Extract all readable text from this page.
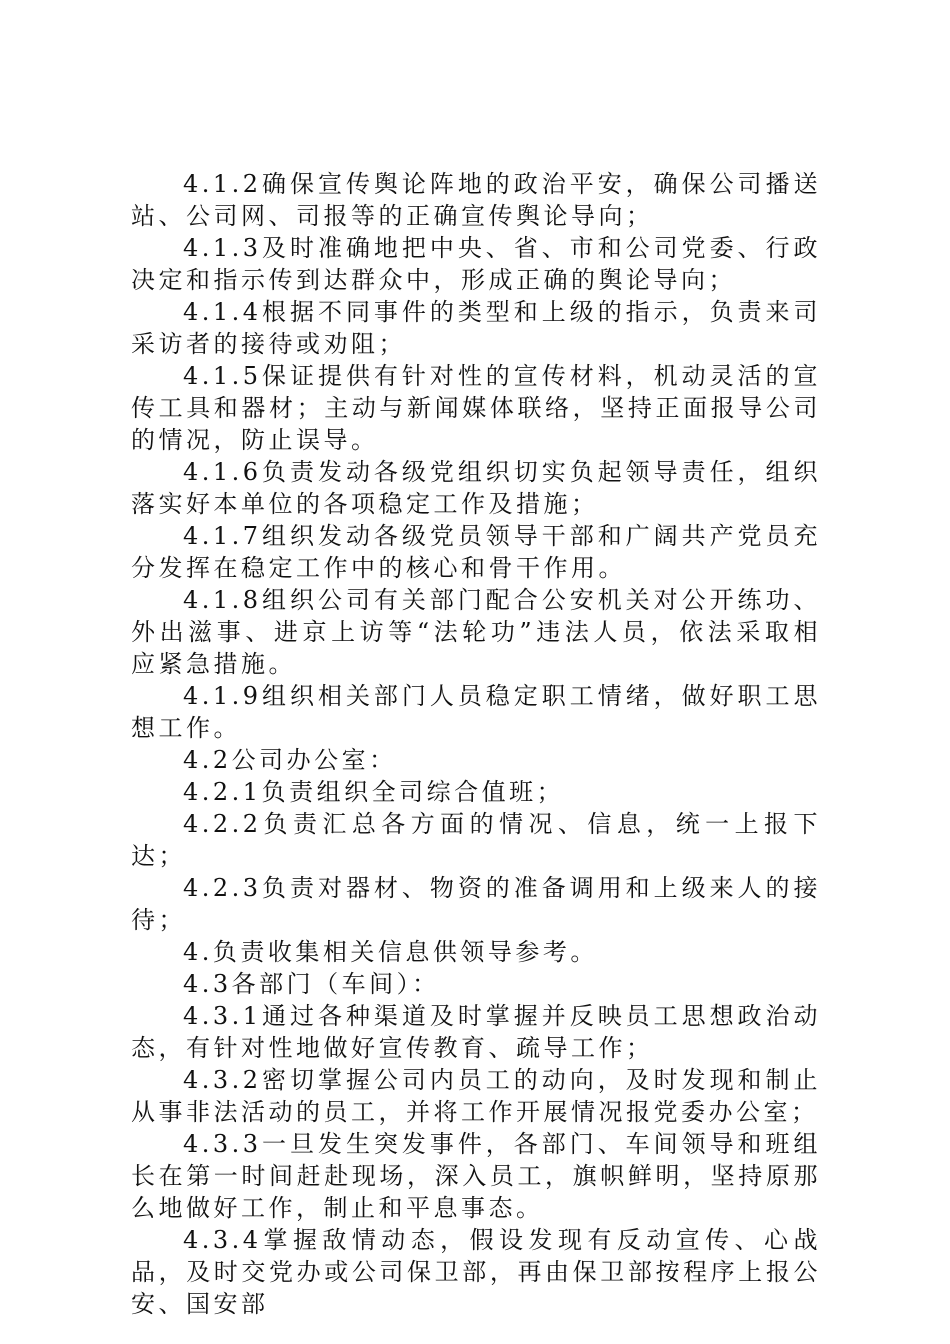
4.1.2确保宣传舆论阵地的政治平安，确保公司播送站、公司网、司报等的正确宣传舆论导向；

4.1.3及时准确地把中央、省、市和公司党委、行政决定和指示传到达群众中，形成正确的舆论导向；

4.1.4根据不同事件的类型和上级的指示，负责来司采访者的接待或劝阻；

4.1.5保证提供有针对性的宣传材料，机动灵活的宣传工具和器材；主动与新闻媒体联络，坚持正面报导公司的情况，防止误导。

4.1.6负责发动各级党组织切实负起领导责任，组织落实好本单位的各项稳定工作及措施；

4.1.7组织发动各级党员领导干部和广阔共产党员充分发挥在稳定工作中的核心和骨干作用。

4.1.8组织公司有关部门配合公安机关对公开练功、外出滋事、进京上访等“法轮功”违法人员，依法采取相应紧急措施。

4.1.9组织相关部门人员稳定职工情绪，做好职工思想工作。

4.2公司办公室：

4.2.1负责组织全司综合值班；

4.2.2负责汇总各方面的情况、信息，统一上报下达；

4.2.3负责对器材、物资的准备调用和上级来人的接待；

4.负责收集相关信息供领导参考。

4.3各部门（车间）：

4.3.1通过各种渠道及时掌握并反映员工思想政治动态，有针对性地做好宣传教育、疏导工作；

4.3.2密切掌握公司内员工的动向，及时发现和制止从事非法活动的员工，并将工作开展情况报党委办公室；

4.3.3一旦发生突发事件，各部门、车间领导和班组长在第一时间赶赴现场，深入员工，旗帜鲜明，坚持原那么地做好工作，制止和平息事态。

4.3.4掌握敌情动态，假设发现有反动宣传、心战品，及时交党办或公司保卫部，再由保卫部按程序上报公安、国安部
